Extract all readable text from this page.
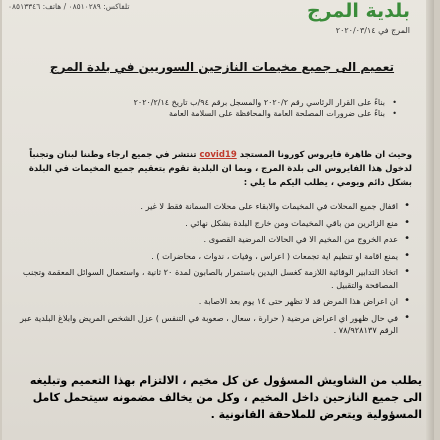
تلفاكس: ٠٨٥١٠٢٨٩ / هاتف: ٠٨٥١٣٣٤٦	بلدية المرج
المرج في ٢٠٢٠/٠٣/١٤
تعميم الى جميع مخيمات النازحين السوريين في بلدة المرج
• بناءً على القرار الرئاسي رقم ٢٠٢٠/٢ والمسجل برقم ٩٤/ب تاريخ ٢٠٢٠/٢/١٤
• بناءً على ضرورات المصلحة العامة والمحافظة على السلامة العامة
وحيث ان ظاهرة فايروس كورونا المستجد covid19 تنتشر في جميع ارجاء وطننا لبنان وتجنباً لدخول هذا الفايروس الى بلدة المرج ، وبما ان البلدية تقوم بتعقيم جميع المخيمات في البلدة بشكل دائم ويومي ، يطلب اليكم ما يلي :
• اقفال جميع المحلات في المخيمات والابقاء على محلات السمانة فقط لا غير .
• منع الزائرين من باقي المخيمات ومن خارج البلدة بشكل نهائي .
• عدم الخروج من المخيم الا في الحالات المرضية القصوى .
• يمنع اقامة او تنظيم اية تجمعات ( اعراس ، وفيات ، ندوات ، محاضرات ) .
• اتخاذ التدابير الوقائية اللازمة كغسل اليدين باستمرار بالصابون لمدة ٢٠ ثانية ، واستعمال السوائل المعقمة وتجنب المصافحة والتقبيل .
• ان اعراض هذا المرض قد لا تظهر حتى ١٤ يوم بعد الاصابة .
• في حال ظهور اي اعراض مرضية ( حرارة ، سعال ، صعوبة في التنفس ) عزل الشخص المريض وابلاغ البلدية عبر الرقم ٧٨/٩٢٨١٣٧ .
يطلب من الشاويش المسؤول عن كل مخيم ، الالتزام بهذا التعميم وتبليغه الى جميع النازحين داخل المخيم ، وكل من يخالف مضمونه سيتحمل كامل المسؤولية ويتعرض للملاحقة القانونية .
